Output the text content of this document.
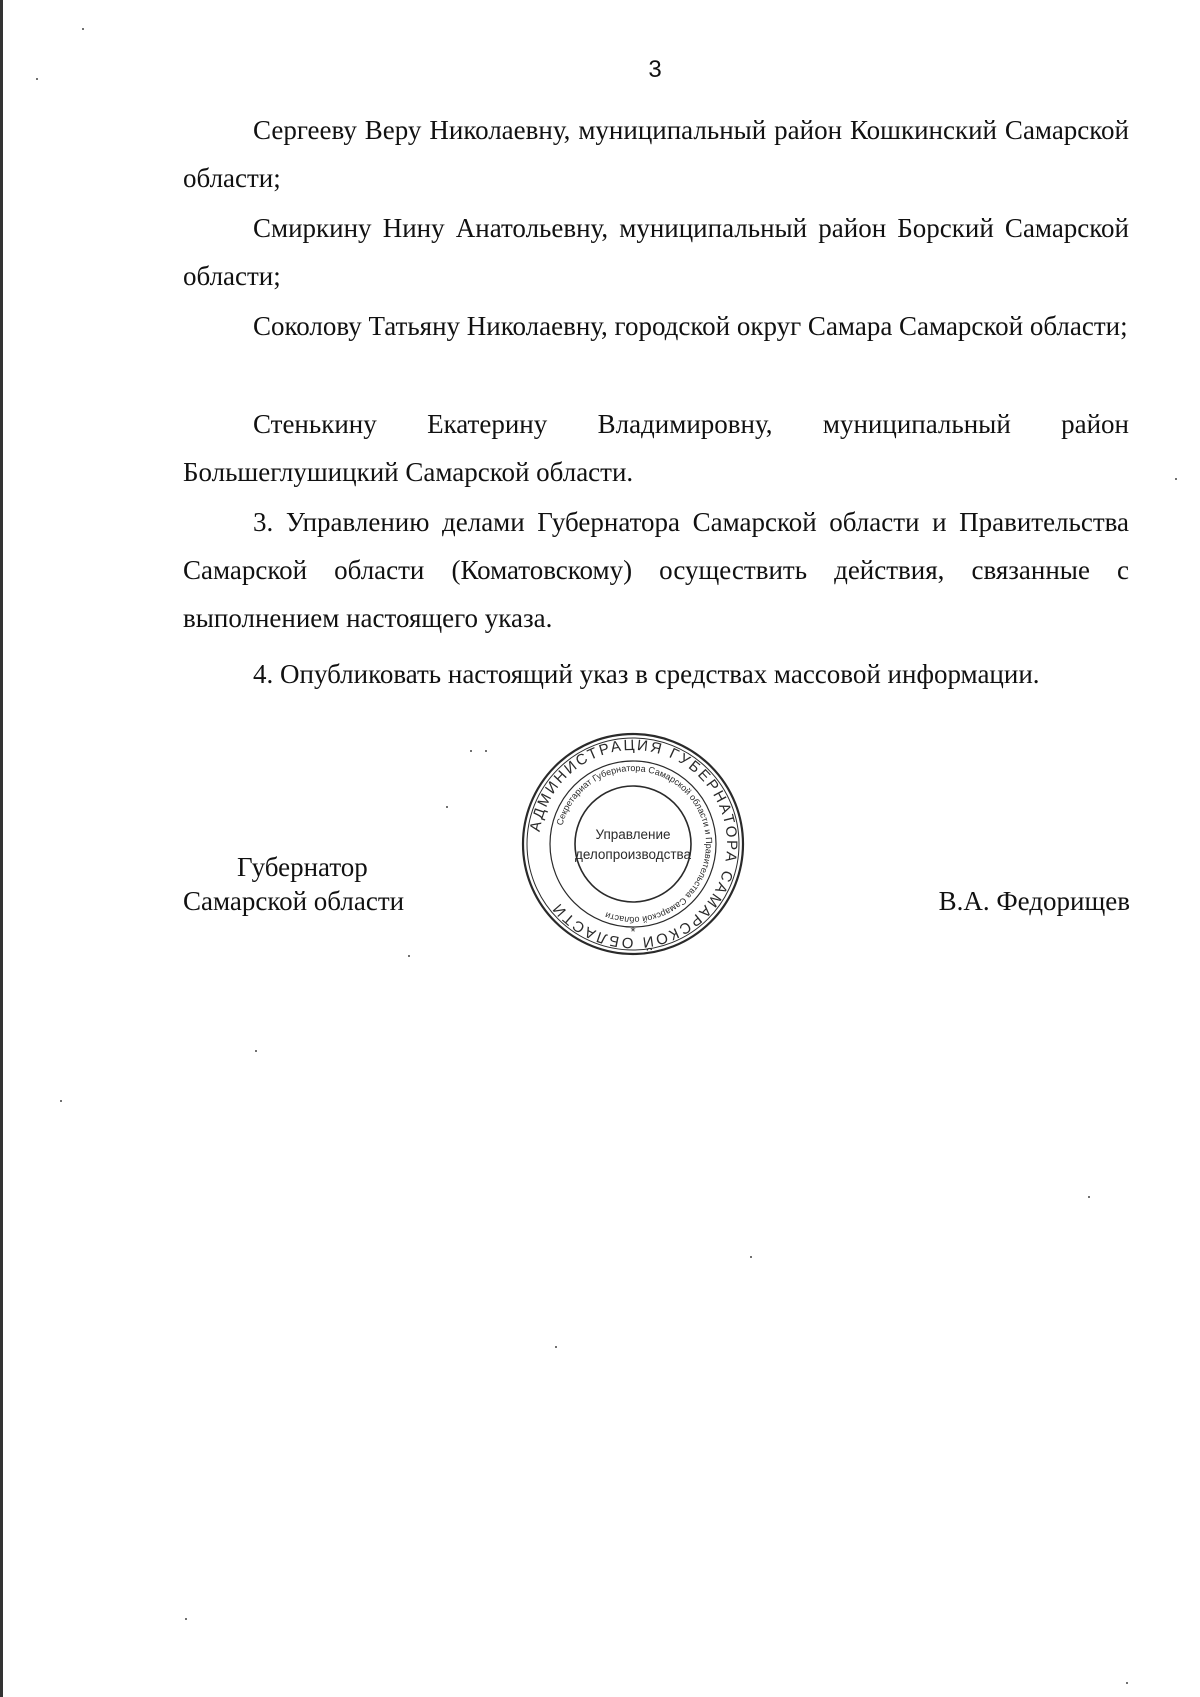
3

Сергееву Веру Николаевну, муниципальный район Кошкинский Самарской области;

Смиркину Нину Анатольевну, муниципальный район Борский Самарской области;

Соколову Татьяну Николаевну, городской округ Самара Самарской области;

Стенькину Екатерину Владимировну, муниципальный район Большеглушицкий Самарской области.

3. Управлению делами Губернатора Самарской области и Правительства Самарской области (Коматовскому) осуществить действия, связанные с выполнением настоящего указа.

4. Опубликовать настоящий указ в средствах массовой информации.

Губернатор
Самарской области	В.А. Федорищев
АДМИНИСТРАЦИЯ ГУБЕРНАТОРА САМАРСКОЙ ОБЛАСТИ
Секретариат Губернатора Самарской области и Правительства Самарской области
Управление
делопроизводства
*
